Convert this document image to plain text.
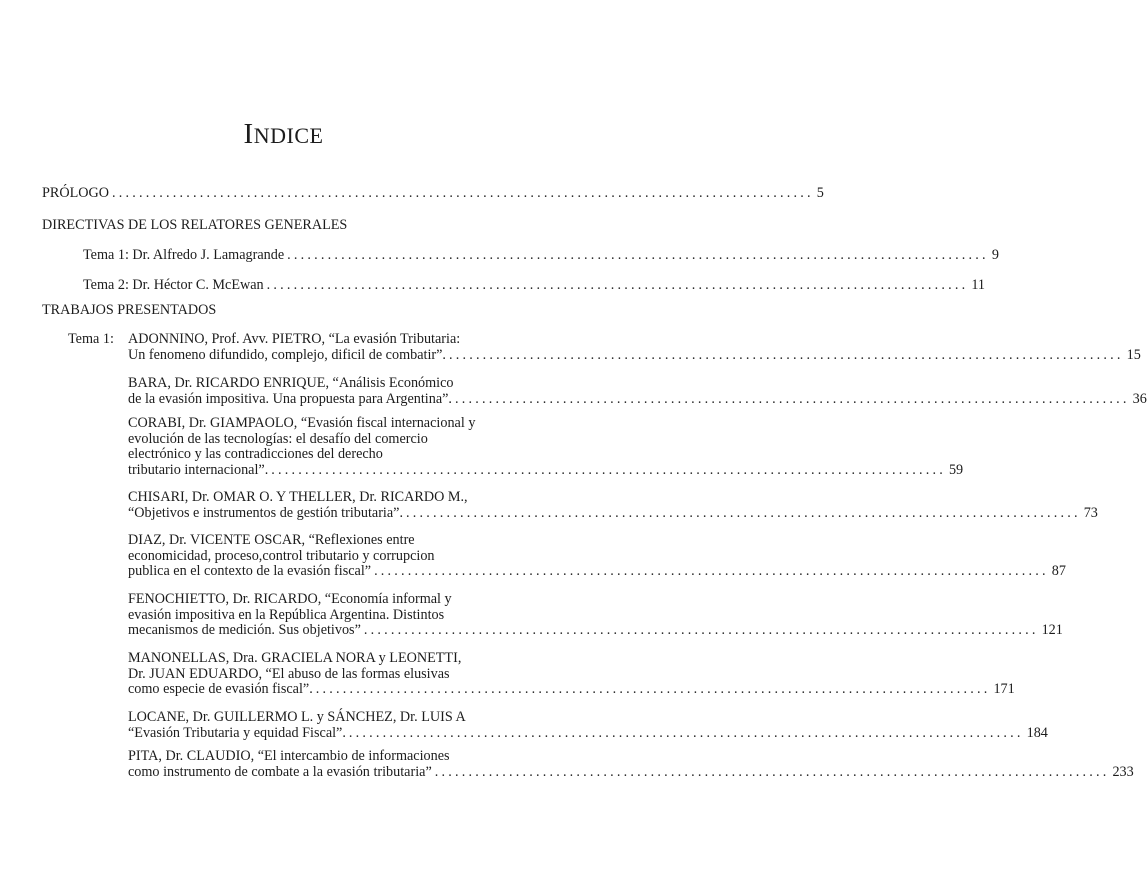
INDICE
PRÓLOGO ........................................................................................................ 5
DIRECTIVAS DE LOS RELATORES GENERALES
Tema 1: Dr. Alfredo J. Lamagrande ........................................................................................................ 9
Tema 2: Dr. Héctor C. McEwan ........................................................................................................ 11
TRABAJOS PRESENTADOS
Tema 1: ADONNINO, Prof. Avv. PIETRO, “La evasión Tributaria:
Un fenomeno difundido, complejo, dificil de combatir”. .................................................................................................... 15
BARA, Dr. RICARDO ENRIQUE, “Análisis Económico
de la evasión impositiva. Una propuesta para Argentina”. .................................................................................................... 36
CORABI, Dr. GIAMPAOLO, “Evasión fiscal internacional y
evolución de las tecnologías: el desafío del comercio
electrónico y las contradicciones del derecho
tributario internacional”. .................................................................................................... 59
CHISARI, Dr. OMAR O. Y THELLER, Dr. RICARDO M.,
“Objetivos e instrumentos de gestión tributaria”. .................................................................................................... 73
DIAZ, Dr. VICENTE OSCAR, “Reflexiones entre
economicidad, proceso,control tributario y corrupcion
publica en el contexto de la evasión fiscal” .................................................................................................... 87
FENOCHIETTO, Dr. RICARDO, “Economía informal y
evasión impositiva en la República Argentina. Distintos
mecanismos de medición. Sus objetivos” .................................................................................................... 121
MANONELLAS, Dra. GRACIELA NORA y LEONETTI,
Dr. JUAN EDUARDO, “El abuso de las formas elusivas
como especie de evasión fiscal”. .................................................................................................... 171
LOCANE, Dr. GUILLERMO L. y SÁNCHEZ, Dr. LUIS A
“Evasión Tributaria y equidad Fiscal”. .................................................................................................... 184
PITA, Dr. CLAUDIO, “El intercambio de informaciones
como instrumento de combate a la evasión tributaria” .................................................................................................... 233
